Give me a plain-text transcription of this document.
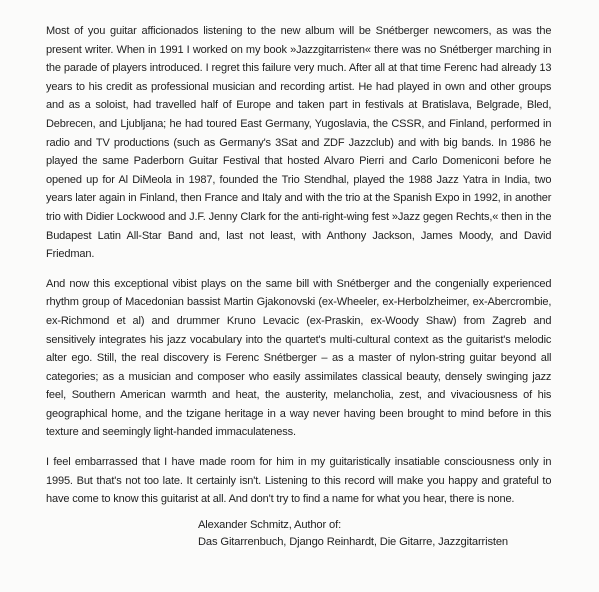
Most of you guitar afficionados listening to the new album will be Snétberger newcomers, as was the present writer. When in 1991 I worked on my book »Jazzgitarristen« there was no Snétberger marching in the parade of players introduced. I regret this failure very much. After all at that time Ferenc had already 13 years to his credit as professional musician and recording artist. He had played in own and other groups and as a soloist, had travelled half of Europe and taken part in festivals at Bratislava, Belgrade, Bled, Debrecen, and Ljubljana; he had toured East Germany, Yugoslavia, the CSSR, and Finland, performed in radio and TV productions (such as Germany's 3Sat and ZDF Jazzclub) and with big bands. In 1986 he played the same Paderborn Guitar Festival that hosted Alvaro Pierri and Carlo Domeniconi before he opened up for Al DiMeola in 1987, founded the Trio Stendhal, played the 1988 Jazz Yatra in India, two years later again in Finland, then France and Italy and with the trio at the Spanish Expo in 1992, in another trio with Didier Lockwood and J.F. Jenny Clark for the anti-right-wing fest »Jazz gegen Rechts,« then in the Budapest Latin All-Star Band and, last not least, with Anthony Jackson, James Moody, and David Friedman.

And now this exceptional vibist plays on the same bill with Snétberger and the congenially experienced rhythm group of Macedonian bassist Martin Gjakonovski (ex-Wheeler, ex-Herbolzheimer, ex-Abercrombie, ex-Richmond et al) and drummer Kruno Levacic (ex-Praskin, ex-Woody Shaw) from Zagreb and sensitively integrates his jazz vocabulary into the quartet's multi-cultural context as the guitarist's melodic alter ego. Still, the real discovery is Ferenc Snétberger – as a master of nylon-string guitar beyond all categories; as a musician and composer who easily assimilates classical beauty, densely swinging jazz feel, Southern American warmth and heat, the austerity, melancholia, zest, and vivaciousness of his geographical home, and the tzigane heritage in a way never having been brought to mind before in this texture and seemingly light-handed immaculateness.

I feel embarrassed that I have made room for him in my guitaristically insatiable consciousness only in 1995. But that's not too late. It certainly isn't. Listening to this record will make you happy and grateful to have come to know this guitarist at all. And don't try to find a name for what you hear, there is none.

Alexander Schmitz, Author of:
Das Gitarrenbuch, Django Reinhardt, Die Gitarre, Jazzgitarristen
